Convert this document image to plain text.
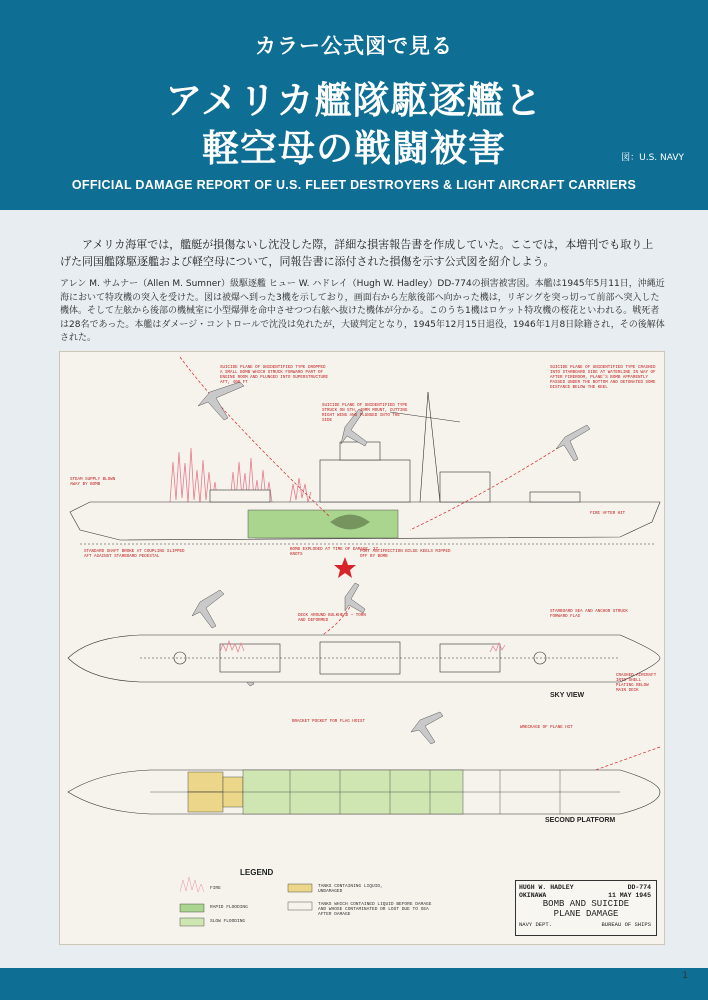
カラー公式図で見る
アメリカ艦隊駆逐艦と
軽空母の戦闘被害	図：U.S. NAVY
OFFICIAL DAMAGE REPORT OF U.S. FLEET DESTROYERS & LIGHT AIRCRAFT CARRIERS
アメリカ海軍では，艦艇が損傷ないし沈没した際，詳細な損害報告書を作成していた。ここでは，本増刊でも取り上げた同国艦隊駆逐艦および軽空母について，同報告書に添付された損傷を示す公式図を紹介しよう。
アレン M. サムナー（Allen M. Sumner）級駆逐艦 ヒュー W. ハドレイ（Hugh W. Hadley）DD-774の損害被害図。本艦は1945年5月11日，沖縄近海において特攻機の突入を受けた。図は被爆へ到った3機を示しており，画面右から左舷後部へ向かった機は，リギングを突っ切って前部へ突入した機体。そして左舷から後部の機械室に小型爆弾を命中させつつ右舷へ抜けた機体が分かる。このうち1機はロケット特攻機の桜花といわれる。戦死者は28名であった。本艦はダメージ・コントロールで沈没は免れたが，大破判定となり，1945年12月15日退役，1946年1月8日除籍され，その後解体された。
SKY VIEW
SECOND PLATFORM
SUICIDE PLANE OF UNIDENTIFIED TYPE DROPPED A SMALL BOMB WHICH STRUCK FORWARD PART OF ENGINE ROOM AND PLUNGED INTO SUPERSTRUCTURE AFT, 400 FT
SUICIDE PLANE OF UNIDENTIFIED TYPE STRUCK ON 5TH, 40MM MOUNT, CUTTING RIGHT WING AND PLUNGED INTO THE SIDE
SUICIDE PLANE OF UNIDENTIFIED TYPE CRASHED INTO STARBOARD SIDE AT WATERLINE IN WAY OF AFTER FIREROOM, PLANE'S BOMB APPARENTLY PASSED UNDER THE BOTTOM AND DETONATED SOME DISTANCE BELOW THE KEEL
STEAM SUPPLY BLOWN AWAY BY BOMB
FIRE AFTER HIT
STANDARD SHAFT BROKE AT COUPLING SLIPPED AFT AGAINST STARBOARD PEDESTAL
BOMB EXPLODED AT TIME OF DAMAGE, 27 KNOTS
PORT ANTIFRICTION BILGE KEELS RIPPED OFF BY BOMB
BRACKET POCKET FOR FLAG HOIST
STARBOARD SEA AND ANCHOR STRUCK FORWARD FLAG
DECK AROUND BULKHEAD — TORN AND DEFORMED
WRECKAGE OF PLANE HIT
CRASHED AIRCRAFT INTO SHELL PLATING BELOW MAIN DECK
LEGEND
FIRE
RAPID FLOODING
SLOW FLOODING
TANKS CONTAINING LIQUID, UNDAMAGED
TANKS WHICH CONTAINED LIQUID BEFORE DAMAGE AND WHOSE CONTAMINATED OR LOST DUE TO SEA AFTER DAMAGE
HUGH W. HADLEY	DD-774
OKINAWA	11 MAY 1945
BOMB AND SUICIDE
PLANE DAMAGE
NAVY DEPT.	BUREAU OF SHIPS
1
